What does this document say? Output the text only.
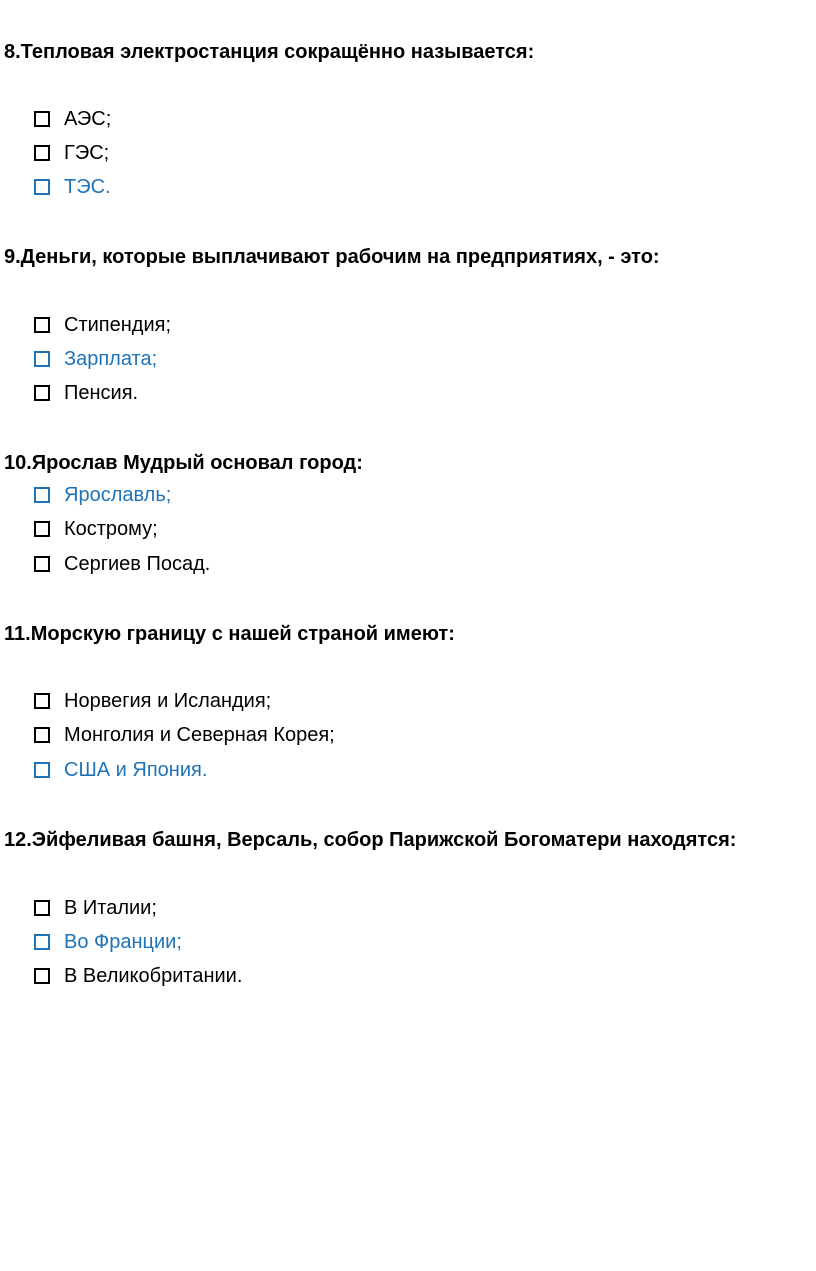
8.Тепловая электростанция сокращённо называется:
АЭС;
ГЭС;
ТЭС.
9.Деньги, которые выплачивают рабочим на предприятиях, - это:
Стипендия;
Зарплата;
Пенсия.
10.Ярослав Мудрый основал город:
Ярославль;
Кострому;
Сергиев Посад.
11.Морскую границу с нашей страной имеют:
Норвегия и Исландия;
Монголия и Северная Корея;
США и Япония.
12.Эйфеливая башня, Версаль, собор Парижской Богоматери находятся:
В Италии;
Во Франции;
В Великобритании.
